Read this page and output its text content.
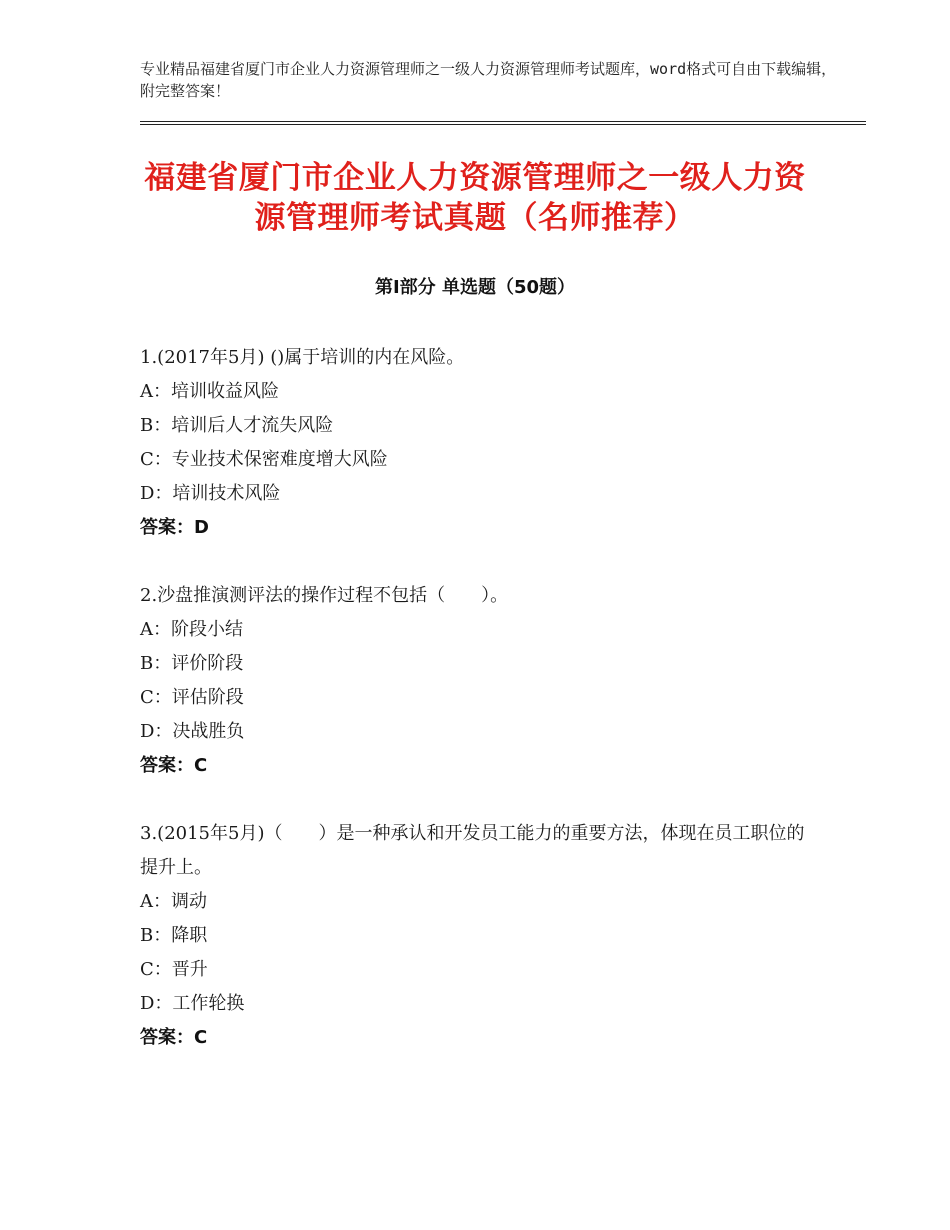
专业精品福建省厦门市企业人力资源管理师之一级人力资源管理师考试题库，word格式可自由下载编辑，附完整答案！
福建省厦门市企业人力资源管理师之一级人力资源管理师考试真题（名师推荐）
第Ⅰ部分 单选题（50题）
1.(2017年5月) ()属于培训的内在风险。
A：培训收益风险
B：培训后人才流失风险
C：专业技术保密难度增大风险
D：培训技术风险
答案：D
2.沙盘推演测评法的操作过程不包括（　　）。
A：阶段小结
B：评价阶段
C：评估阶段
D：决战胜负
答案：C
3.(2015年5月)（　　）是一种承认和开发员工能力的重要方法，体现在员工职位的提升上。
A：调动
B：降职
C：晋升
D：工作轮换
答案：C
